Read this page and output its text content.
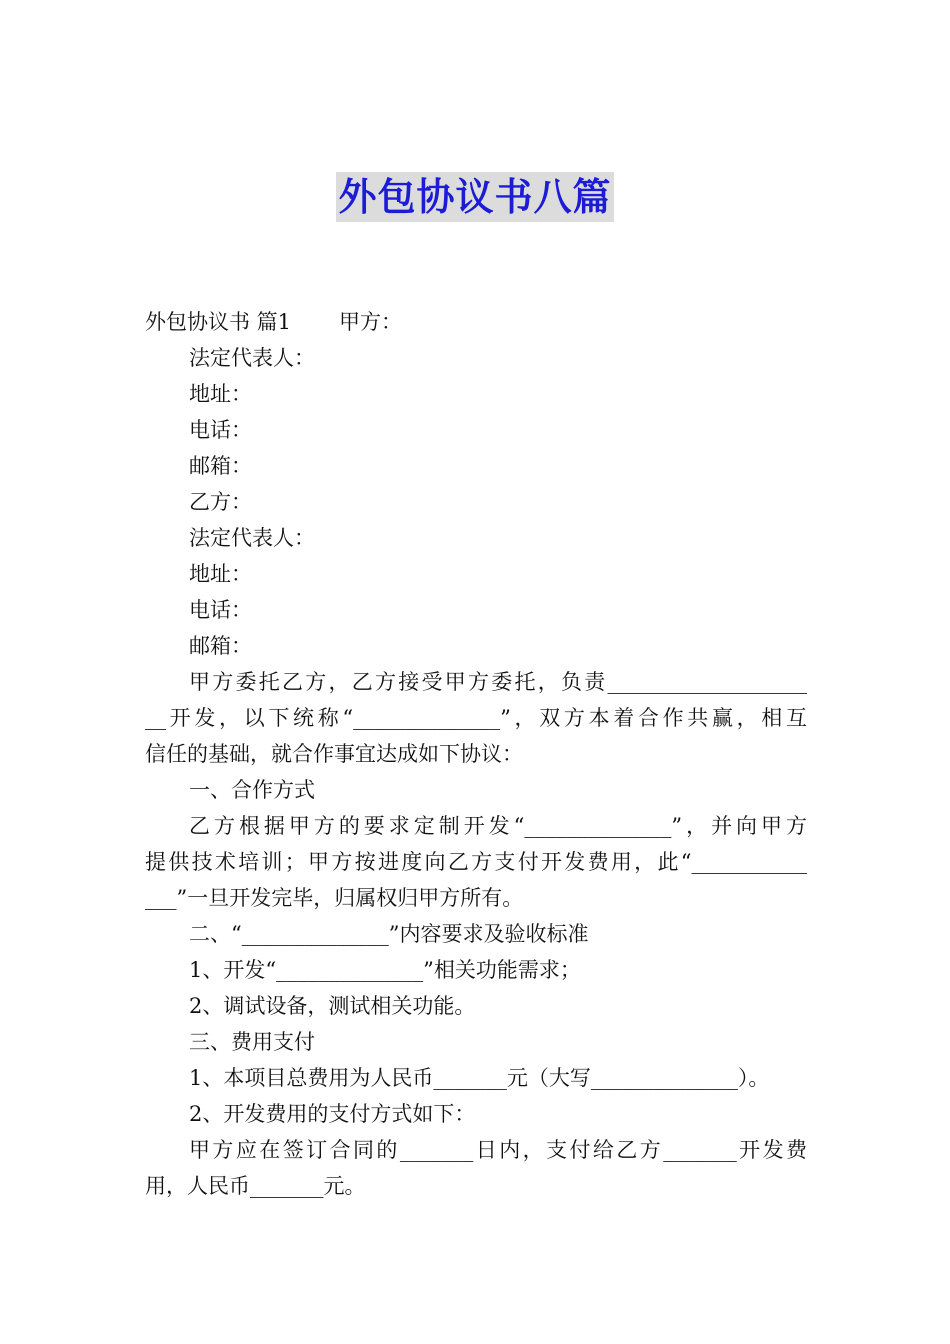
外包协议书八篇
外包协议书 篇1 甲方：
法定代表人：
地址：
电话：
邮箱：
乙方：
法定代表人：
地址：
电话：
邮箱：
甲方委托乙方，乙方接受甲方委托，负责___________________
__开发，以下统称“______________”，双方本着合作共赢，相互
信任的基础，就合作事宜达成如下协议：
一、合作方式
乙方根据甲方的要求定制开发“______________”，并向甲方
提供技术培训；甲方按进度向乙方支付开发费用，此“___________
___”一旦开发完毕，归属权归甲方所有。
二、“______________”内容要求及验收标准
1、开发“______________”相关功能需求；
2、调试设备，测试相关功能。
三、费用支付
1、本项目总费用为人民币_______元（大写______________）。
2、开发费用的支付方式如下：
甲方应在签订合同的_______日内，支付给乙方_______开发费
用，人民币_______元。
